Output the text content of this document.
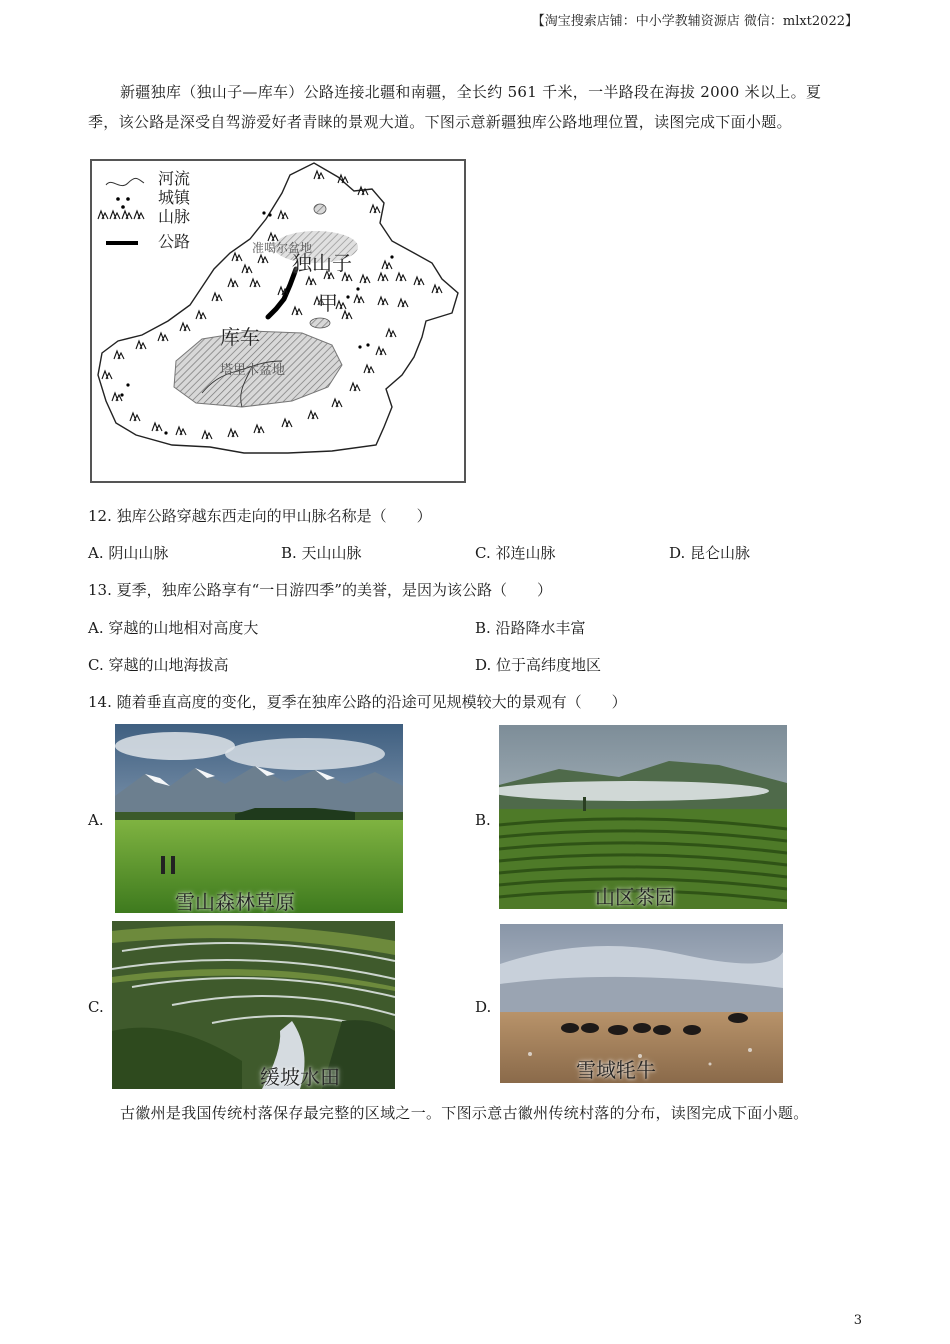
【淘宝搜索店铺：中小学教辅资源店 微信：mlxt2022】
新疆独库（独山子—库车）公路连接北疆和南疆，全长约 561 千米，一半路段在海拔 2000 米以上。夏
季，该公路是深受自驾游爱好者青睐的景观大道。下图示意新疆独库公路地理位置，读图完成下面小题。
河流
城镇
山脉
公路	准噶尔盆地
独山子
甲
库车
塔里木盆地
12. 独库公路穿越东西走向的甲山脉名称是（　　）
A. 阴山山脉	B. 天山山脉	C. 祁连山脉	D. 昆仑山脉
13. 夏季，独库公路享有“一日游四季”的美誉，是因为该公路（　　）
A. 穿越的山地相对高度大	B. 沿路降水丰富
C. 穿越的山地海拔高	D. 位于高纬度地区
14. 随着垂直高度的变化，夏季在独库公路的沿途可见规模较大的景观有（　　）
A.
雪山森林草原
B.
山区茶园
C.
缓坡水田
D.
雪域牦牛
古徽州是我国传统村落保存最完整的区域之一。下图示意古徽州传统村落的分布，读图完成下面小题。
3
